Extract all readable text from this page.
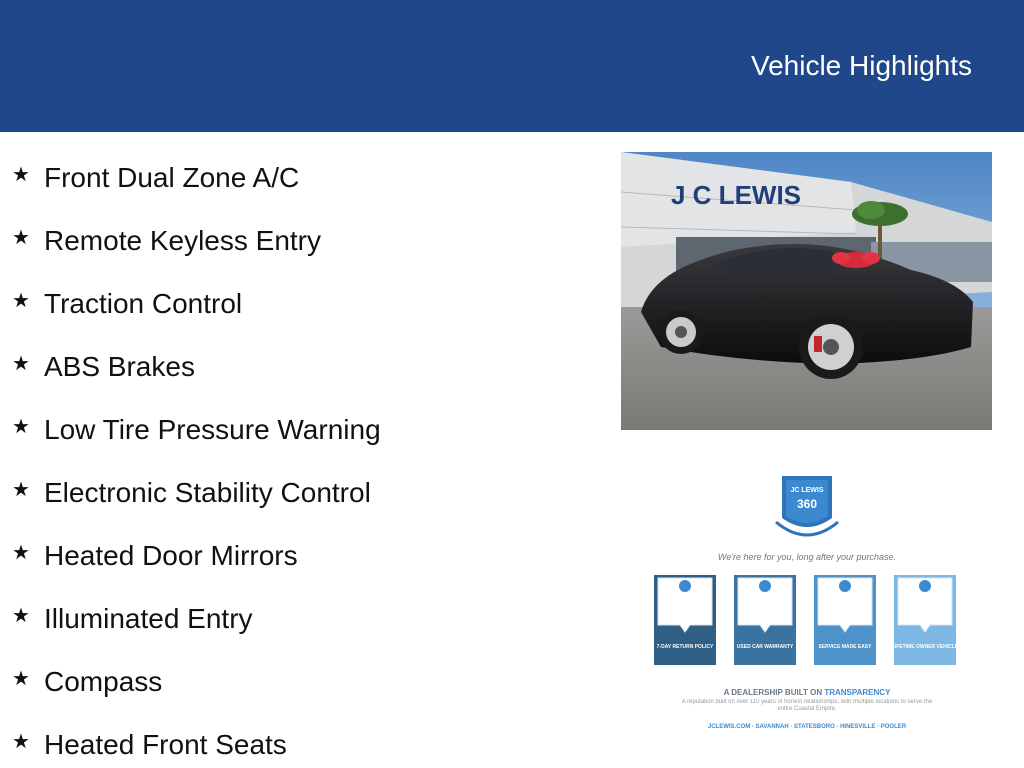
Vehicle Highlights
★ Front Dual Zone A/C
★ Remote Keyless Entry
★ Traction Control
★ ABS Brakes
★ Low Tire Pressure Warning
★ Electronic Stability Control
★ Heated Door Mirrors
★ Illuminated Entry
★ Compass
★ Heated Front Seats
J C LEWIS
JC LEWIS
360
We're here for you, long after your purchase.
7-DAY RETURN POLICY	USED CAR WARRANTY	SERVICE MADE EASY	LIFETIME OWNER VEHICLE
A DEALERSHIP BUILT ON TRANSPARENCY
A reputation built on over 110 years of honest relationships, with multiple locations to serve the entire Coastal Empire.
JCLEWIS.COM · SAVANNAH · STATESBORO · HINESVILLE · POOLER
